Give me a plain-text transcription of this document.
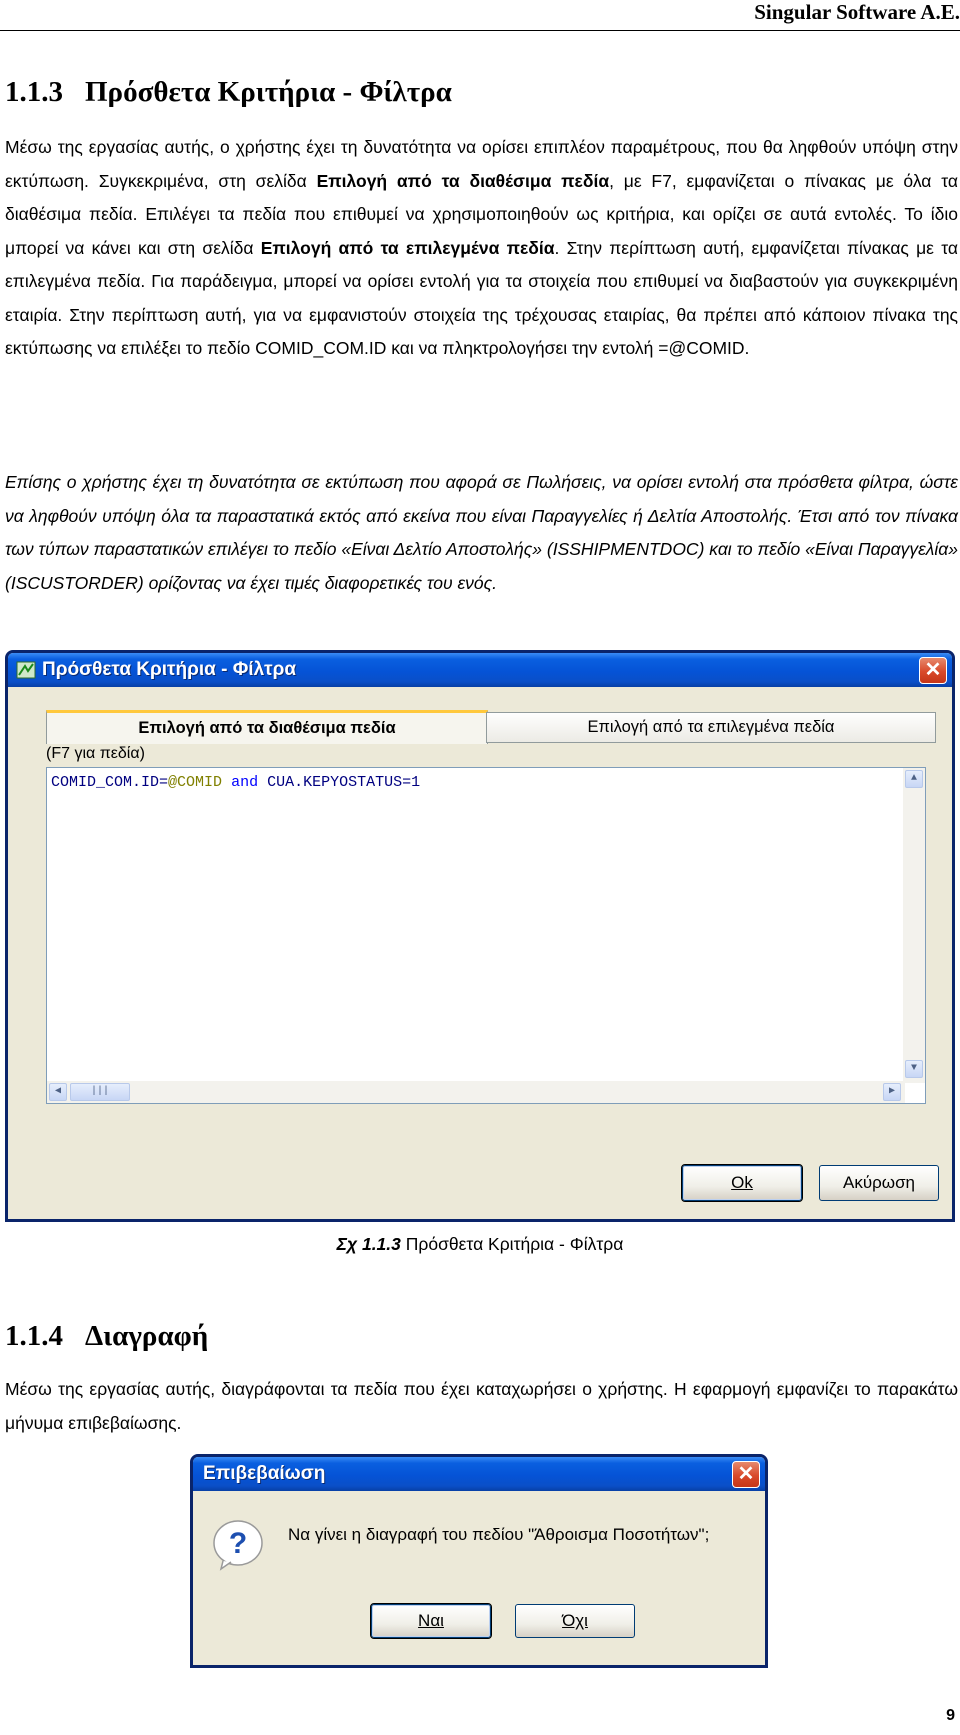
Singular Software A.E.
1.1.3 Πρόσθετα Κριτήρια - Φίλτρα
Μέσω της εργασίας αυτής, ο χρήστης έχει τη δυνατότητα να ορίσει επιπλέον παραμέτρους, που θα ληφθούν υπόψη στην εκτύπωση. Συγκεκριμένα, στη σελίδα Επιλογή από τα διαθέσιμα πεδία, με F7, εμφανίζεται ο πίνακας με όλα τα διαθέσιμα πεδία. Επιλέγει τα πεδία που επιθυμεί να χρησιμοποιηθούν ως κριτήρια, και ορίζει σε αυτά εντολές. Το ίδιο μπορεί να κάνει και στη σελίδα Επιλογή από τα επιλεγμένα πεδία. Στην περίπτωση αυτή, εμφανίζεται πίνακας με τα επιλεγμένα πεδία. Για παράδειγμα, μπορεί να ορίσει εντολή για τα στοιχεία που επιθυμεί να διαβαστούν για συγκεκριμένη εταιρία. Στην περίπτωση αυτή, για να εμφανιστούν στοιχεία της τρέχουσας εταιρίας, θα πρέπει από κάποιον πίνακα της εκτύπωσης να επιλέξει το πεδίο COMID_COM.ID και να πληκτρολογήσει την εντολή =@COMID.
Επίσης ο χρήστης έχει τη δυνατότητα σε εκτύπωση που αφορά σε Πωλήσεις, να ορίσει εντολή στα πρόσθετα φίλτρα, ώστε να ληφθούν υπόψη όλα τα παραστατικά εκτός από εκείνα που είναι Παραγγελίες ή Δελτία Αποστολής. Έτσι από τον πίνακα των τύπων παραστατικών επιλέγει το πεδίο «Είναι Δελτίο Αποστολής» (ISSHIPMENTDOC) και το πεδίο «Είναι Παραγγελία» (ISCUSTORDER) ορίζοντας να έχει τιμές διαφορετικές του ενός.
Πρόσθετα Κριτήρια - Φίλτρα	✕
Επιλογή από τα διαθέσιμα πεδία	Επιλογή από τα επιλεγμένα πεδία
(F7 για πεδία)
COMID_COM.ID=@COMID and CUA.KEPYOSTATUS=1	▲
▼
◀	|||	▶
Ok	Ακύρωση
Σχ 1.1.3 Πρόσθετα Κριτήρια - Φίλτρα
1.1.4 Διαγραφή
Μέσω της εργασίας αυτής, διαγράφονται τα πεδία που έχει καταχωρήσει ο χρήστης. Η εφαρμογή εμφανίζει το παρακάτω μήνυμα επιβεβαίωσης.
Επιβεβαίωση	✕
? Να γίνει η διαγραφή του πεδίου "Άθροισμα Ποσοτήτων";
Ναι	Όχι
9
